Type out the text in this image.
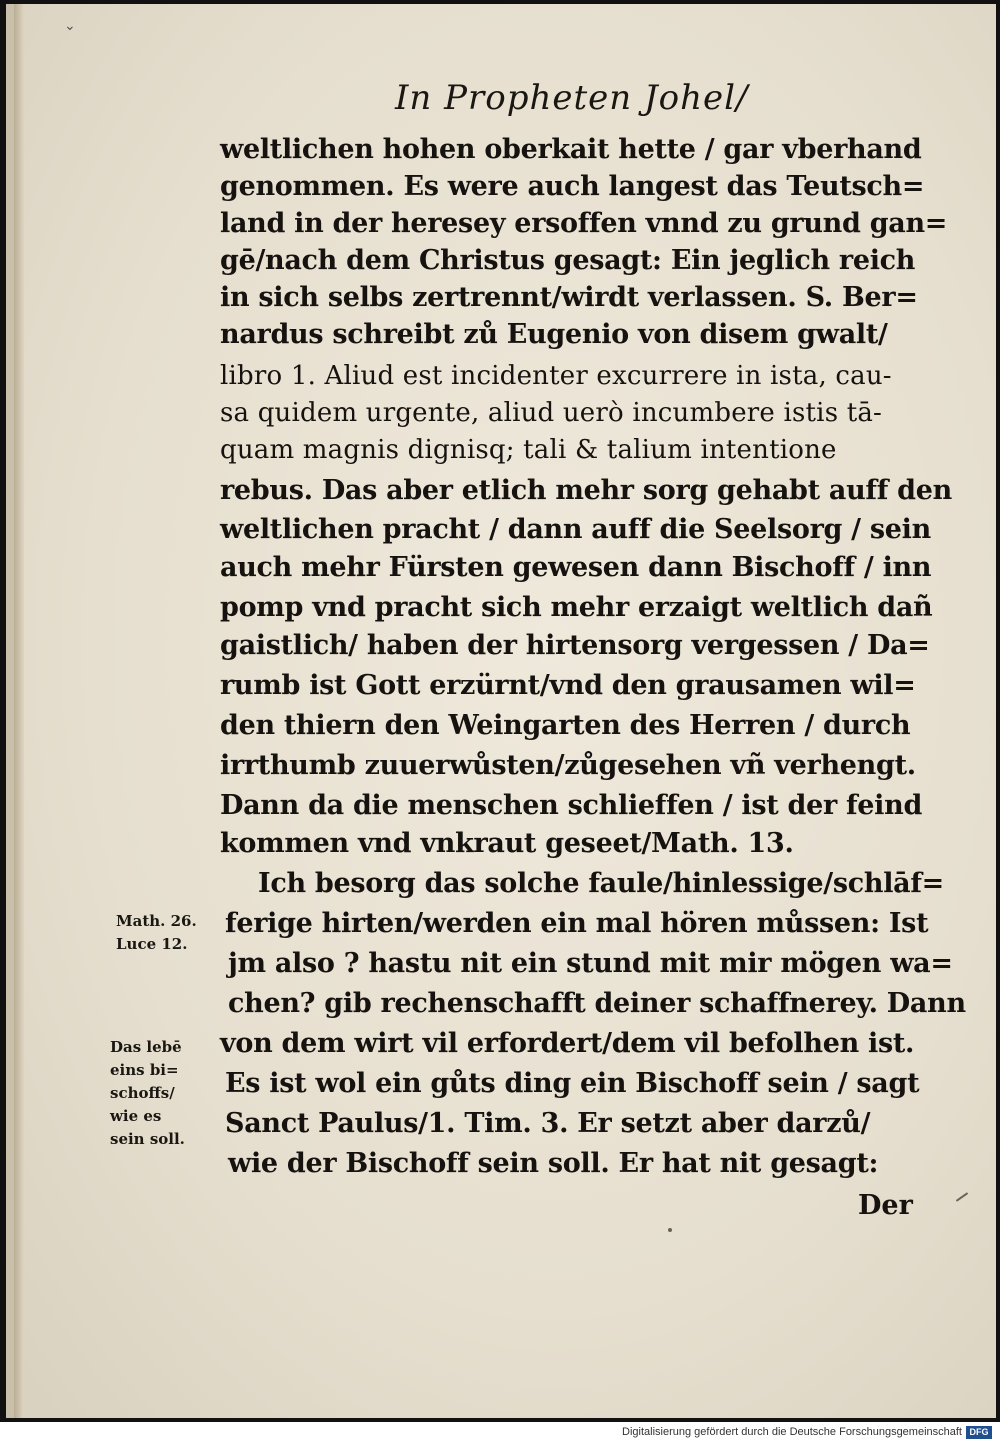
⌄
In Propheten Johel/
weltlichen hohen oberkait hette / gar vberhand
genommen. Es were auch langest das Teutsch=
land in der heresey ersoffen vnnd zu grund gan=
gē/nach dem Christus gesagt: Ein jeglich reich
in sich selbs zertrennt/wirdt verlassen. S. Ber=
nardus schreibt zů Eugenio von disem gwalt/
libro 1. Aliud est incidenter excurrere in ista, cau-
sa quidem urgente, aliud uerò incumbere istis tā-
quam magnis dignisq; tali & talium intentione
rebus. Das aber etlich mehr sorg gehabt auff den
weltlichen pracht / dann auff die Seelsorg / sein
auch mehr Fürsten gewesen dann Bischoff / inn
pomp vnd pracht sich mehr erzaigt weltlich dañ
gaistlich/ haben der hirtensorg vergessen / Da=
rumb ist Gott erzürnt/vnd den grausamen wil=
den thiern den Weingarten des Herren / durch
irrthumb zuuerwůsten/zůgesehen vñ verhengt.
Dann da die menschen schlieffen / ist der feind
kommen vnd vnkraut geseet/Math. 13.
Ich besorg das solche faule/hinlessige/schlāf=
ferige hirten/werden ein mal hören můssen: Ist
jm also ? hastu nit ein stund mit mir mögen wa=
chen? gib rechenschafft deiner schaffnerey. Dann
von dem wirt vil erfordert/dem vil befolhen ist.
Es ist wol ein gůts ding ein Bischoff sein / sagt
Sanct Paulus/1. Tim. 3. Er setzt aber darzů/
wie der Bischoff sein soll. Er hat nit gesagt:
Math. 26.
Luce 12.
Das lebē
eins bi=
schoffs/
wie es
sein soll.
Der
Digitalisierung gefördert durch die Deutsche Forschungsgemeinschaft DFG
